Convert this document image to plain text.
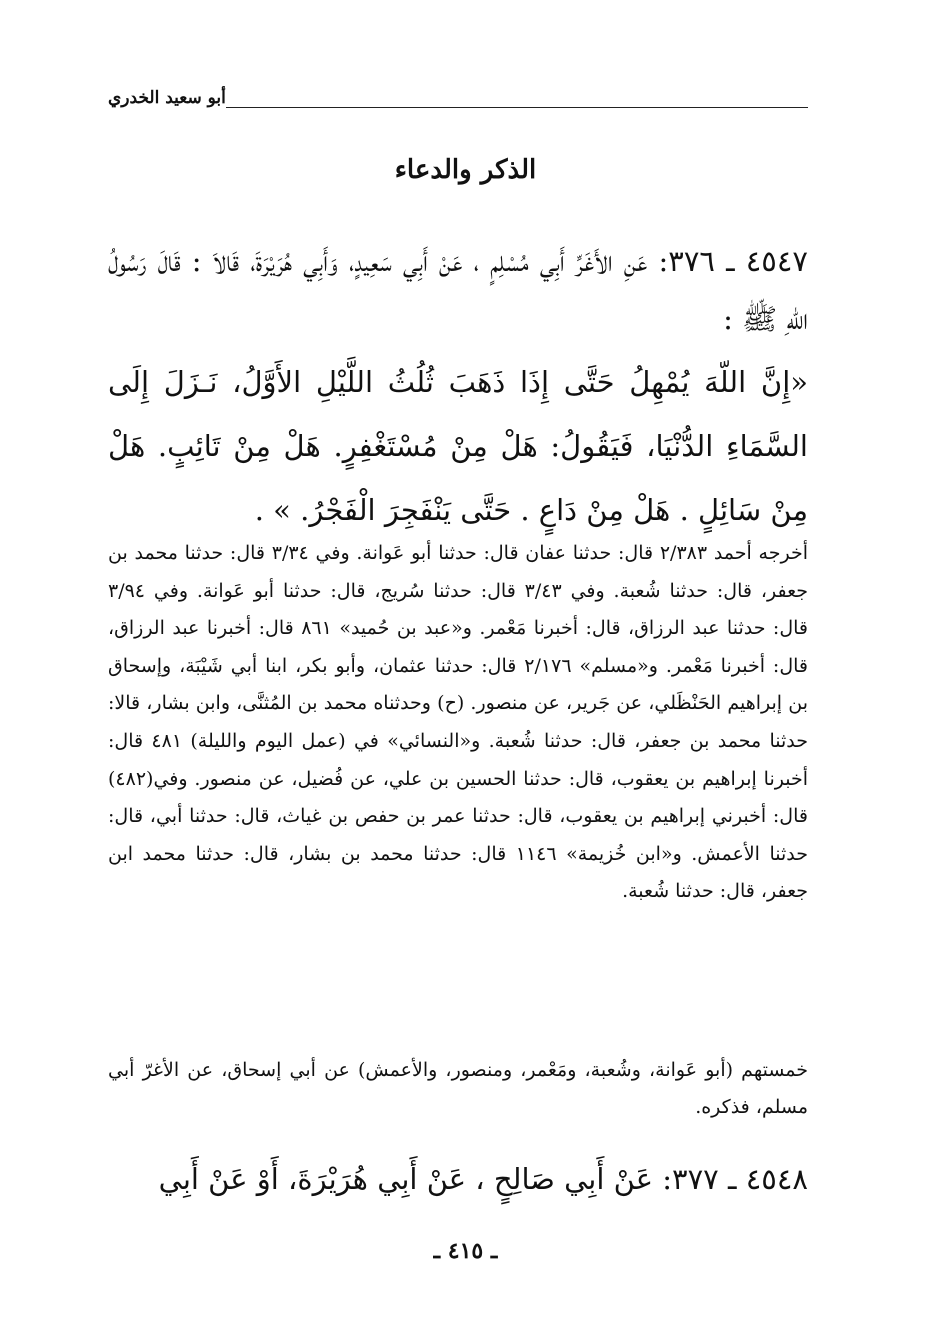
أبو سعيد الخدري
الذكر والدعاء
٤٥٤٧ ـ ٣٧٦: عَنِ الأَغَرِّ أَبِي مُسْلِمٍ ، عَنْ أَبِي سَعِيدٍ، وَأَبِي هُرَيْرَةَ، قَالاَ : قَالَ رَسُولُ اللّهِ ﷺ :
«إِنَّ اللّهَ يُمْهِلُ حَتَّى إِذَا ذَهَبَ ثُلُثُ اللَّيْلِ الأَوَّلُ، نَـزَلَ إِلَى السَّمَاءِ الدُّنْيَا، فَيَقُولُ: هَلْ مِنْ مُسْتَغْفِرٍ. هَلْ مِنْ تَائِبٍ. هَلْ مِنْ سَائِلٍ . هَلْ مِنْ دَاعٍ . حَتَّى يَنْفَجِرَ الْفَجْرُ. » .
أخرجه أحمد ٢/٣٨٣ قال: حدثنا عفان قال: حدثنا أبو عَوانة. وفي ٣/٣٤ قال: حدثنا محمد بن جعفر، قال: حدثنا شُعبة. وفي ٣/٤٣ قال: حدثنا سُريج، قال: حدثنا أبو عَوانة. وفي ٣/٩٤ قال: حدثنا عبد الرزاق، قال: أخبرنا مَعْمر. و«عبد بن حُميد» ٨٦١ قال: أخبرنا عبد الرزاق، قال: أخبرنا مَعْمر. و«مسلم» ٢/١٧٦ قال: حدثنا عثمان، وأبو بكر، ابنا أبي شَيْبَة، وإسحاق بن إبراهيم الحَنْظَلي، عن جَرير، عن منصور. (ح) وحدثناه محمد بن المُثنَّى، وابن بشار، قالا: حدثنا محمد بن جعفر، قال: حدثنا شُعبة. و«النسائي» في (عمل اليوم والليلة) ٤٨١ قال: أخبرنا إبراهيم بن يعقوب، قال: حدثنا الحسين بن علي، عن فُضيل، عن منصور. وفي(٤٨٢) قال: أخبرني إبراهيم بن يعقوب، قال: حدثنا عمر بن حفص بن غياث، قال: حدثنا أبي، قال: حدثنا الأعمش. و«ابن خُزيمة» ١١٤٦ قال: حدثنا محمد بن بشار، قال: حدثنا محمد ابن جعفر، قال: حدثنا شُعبة.
خمستهم (أبو عَوانة، وشُعبة، ومَعْمر، ومنصور، والأعمش) عن أبي إسحاق، عن الأغرّ أبي مسلم، فذكره.
٤٥٤٨ ـ ٣٧٧: عَنْ أَبِي صَالِحٍ ، عَنْ أَبِي هُرَيْرَةَ، أَوْ عَنْ أَبِي
ـ ٤١٥ ـ
